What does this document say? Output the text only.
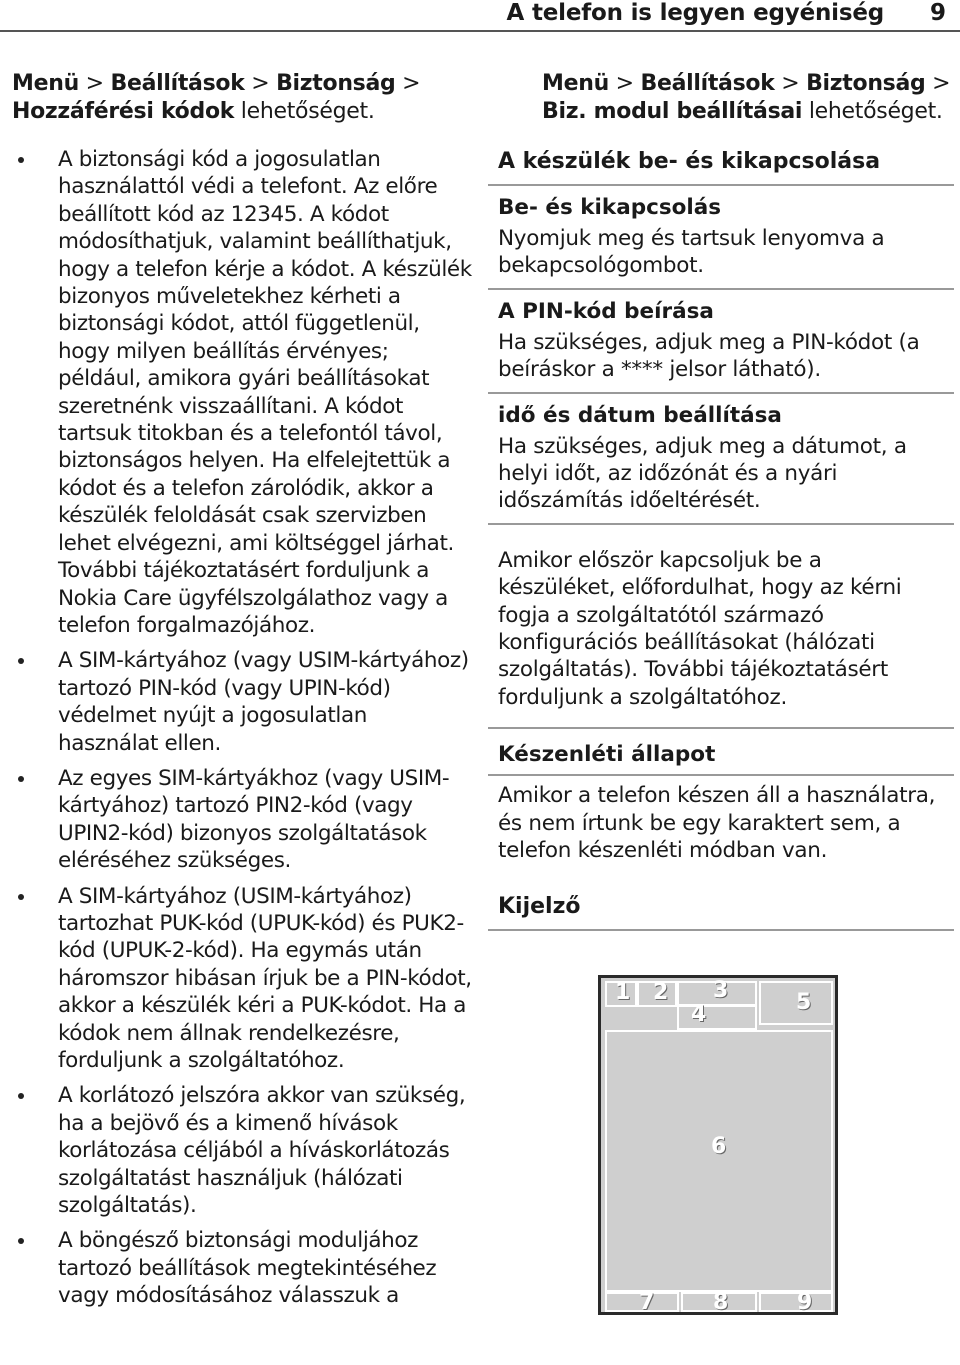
A telefon is legyen egyéniség 9
Menü > Beállítások > Biztonság > Hozzáférési kódok lehetőséget.
A biztonsági kód a jogosulatlan használattól védi a telefont. Az előre beállított kód az 12345. A kódot módosíthatjuk, valamint beállíthatjuk, hogy a telefon kérje a kódot. A készülék bizonyos műveletekhez kérheti a biztonsági kódot, attól függetlenül, hogy milyen beállítás érvényes; például, amikora gyári beállításokat szeretnénk visszaállítani. A kódot tartsuk titokban és a telefontól távol, biztonságos helyen. Ha elfelejtettük a kódot és a telefon zárolódik, akkor a készülék feloldását csak szervizben lehet elvégezni, ami költséggel járhat. További tájékoztatásért forduljunk a Nokia Care ügyfélszolgálathoz vagy a telefon forgalmazójához.
A SIM-kártyához (vagy USIM-kártyához) tartozó PIN-kód (vagy UPIN-kód) védelmet nyújt a jogosulatlan használat ellen.
Az egyes SIM-kártyákhoz (vagy USIM-kártyához) tartozó PIN2-kód (vagy UPIN2-kód) bizonyos szolgáltatások eléréséhez szükséges.
A SIM-kártyához (USIM-kártyához) tartozhat PUK-kód (UPUK-kód) és PUK2-kód (UPUK-2-kód). Ha egymás után háromszor hibásan írjuk be a PIN-kódot, akkor a készülék kéri a PUK-kódot. Ha a kódok nem állnak rendelkezésre, forduljunk a szolgáltatóhoz.
A korlátozó jelszóra akkor van szükség, ha a bejövő és a kimenő hívások korlátozása céljából a híváskorlátozás szolgáltatást használjuk (hálózati szolgáltatás).
A böngésző biztonsági moduljához tartozó beállítások megtekintéséhez vagy módosításához válasszuk a
Menü > Beállítások > Biztonság > Biz. modul beállításai lehetőséget.
A készülék be- és kikapcsolása
Be- és kikapcsolás
Nyomjuk meg és tartsuk lenyomva a bekapcsológombot.
A PIN-kód beírása
Ha szükséges, adjuk meg a PIN-kódot (a beíráskor a **** jelsor látható).
idő és dátum beállítása
Ha szükséges, adjuk meg a dátumot, a helyi időt, az időzónát és a nyári időszámítás időeltérését.
Amikor először kapcsoljuk be a készüléket, előfordulhat, hogy az kérni fogja a szolgáltatótól származó konfigurációs beállításokat (hálózati szolgáltatás). További tájékoztatásért forduljunk a szolgáltatóhoz.
Készenléti állapot
Amikor a telefon készen áll a használatra, és nem írtunk be egy karaktert sem, a telefon készenléti módban van.
Kijelző
1 2 3
4	5
6
7	8	9
